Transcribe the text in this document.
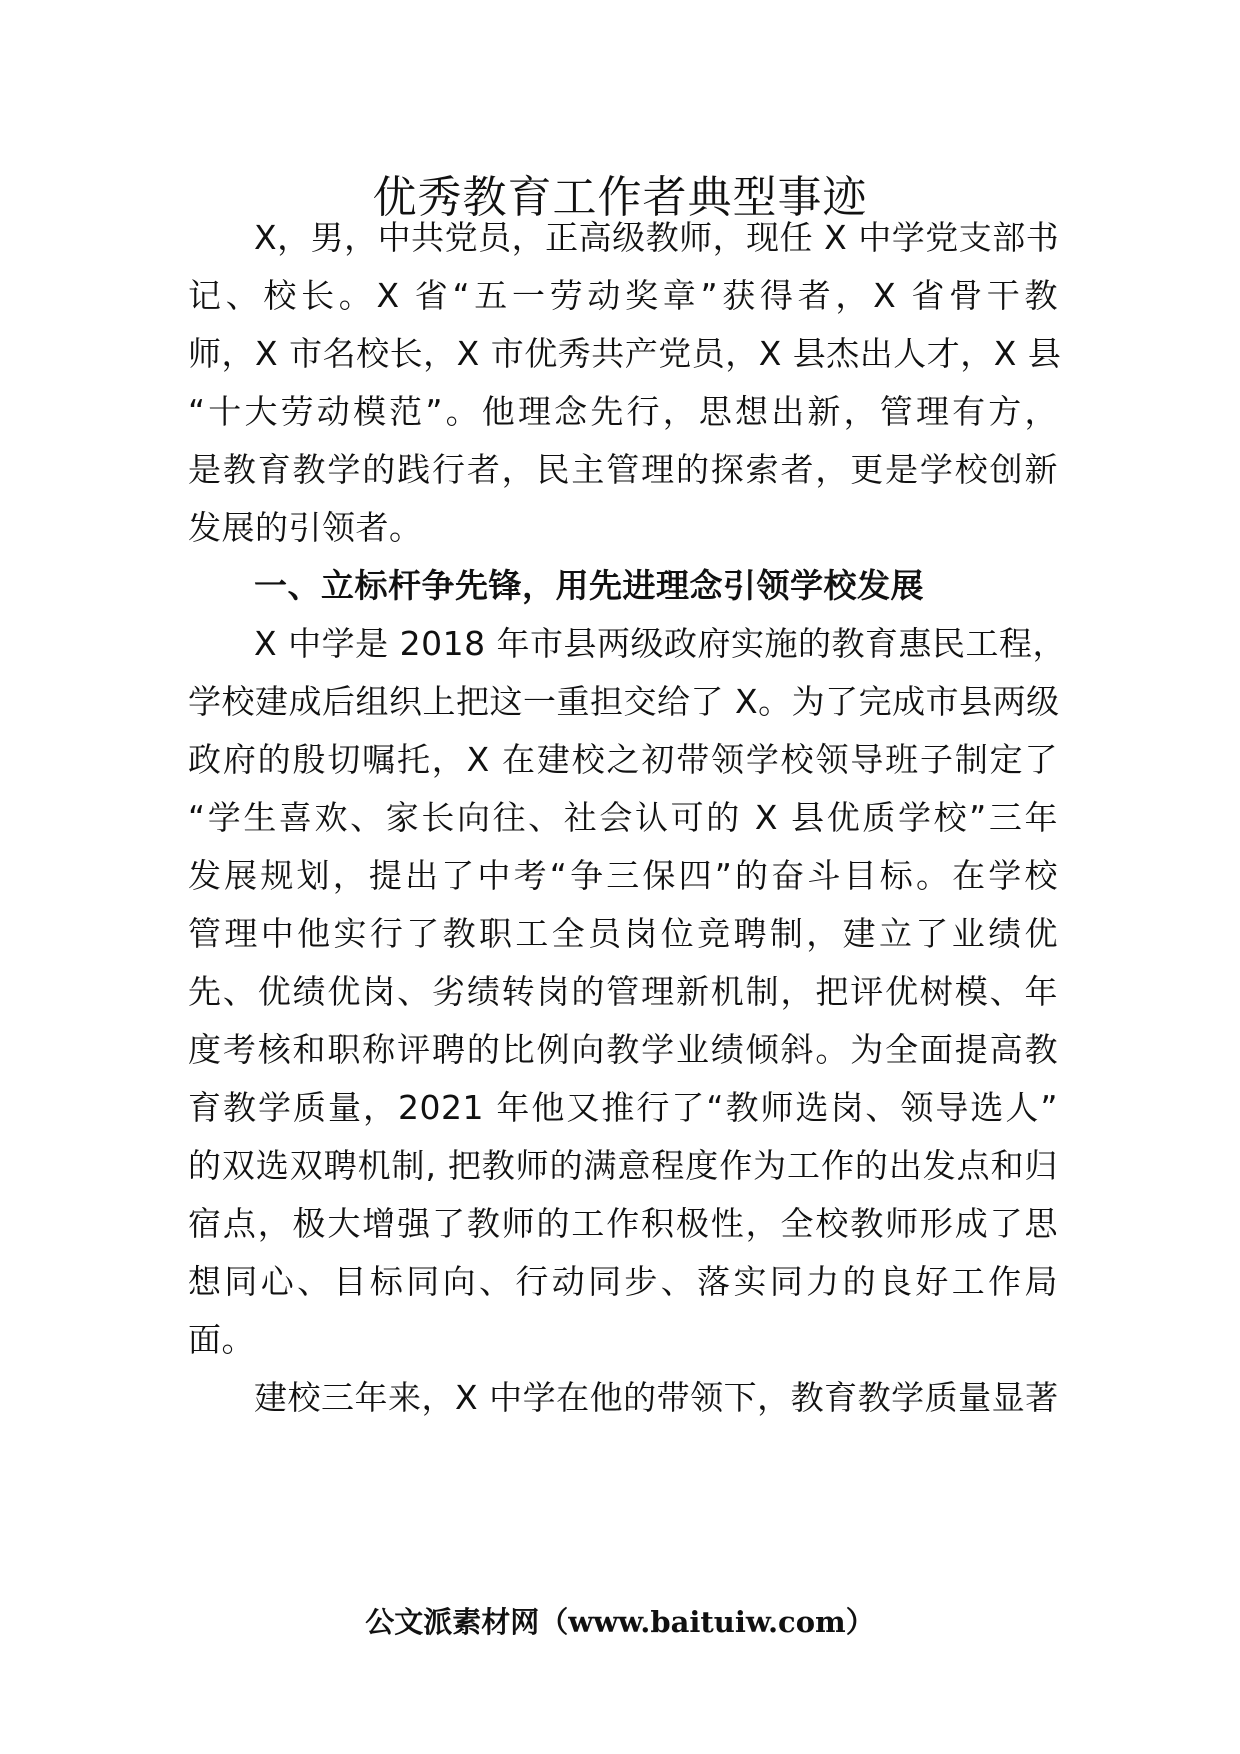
优秀教育工作者典型事迹
X，男，中共党员，正高级教师，现任 X 中学党支部书
记、校长。X 省“五一劳动奖章”获得者，X 省骨干教
师，X 市名校长，X 市优秀共产党员，X 县杰出人才，X 县
“十大劳动模范”。他理念先行，思想出新，管理有方，
是教育教学的践行者，民主管理的探索者，更是学校创新
发展的引领者。
一、立标杆争先锋，用先进理念引领学校发展
X 中学是 2018 年市县两级政府实施的教育惠民工程，
学校建成后组织上把这一重担交给了 X。为了完成市县两级
政府的殷切嘱托，X 在建校之初带领学校领导班子制定了
“学生喜欢、家长向往、社会认可的 X 县优质学校”三年
发展规划，提出了中考“争三保四”的奋斗目标。在学校
管理中他实行了教职工全员岗位竞聘制，建立了业绩优
先、优绩优岗、劣绩转岗的管理新机制，把评优树模、年
度考核和职称评聘的比例向教学业绩倾斜。为全面提高教
育教学质量，2021 年他又推行了“教师选岗、领导选人”
的双选双聘机制, 把教师的满意程度作为工作的出发点和归
宿点，极大增强了教师的工作积极性，全校教师形成了思
想同心、目标同向、行动同步、落实同力的良好工作局
面。
建校三年来，X 中学在他的带领下，教育教学质量显著
公文派素材网（www.baituiw.com）
